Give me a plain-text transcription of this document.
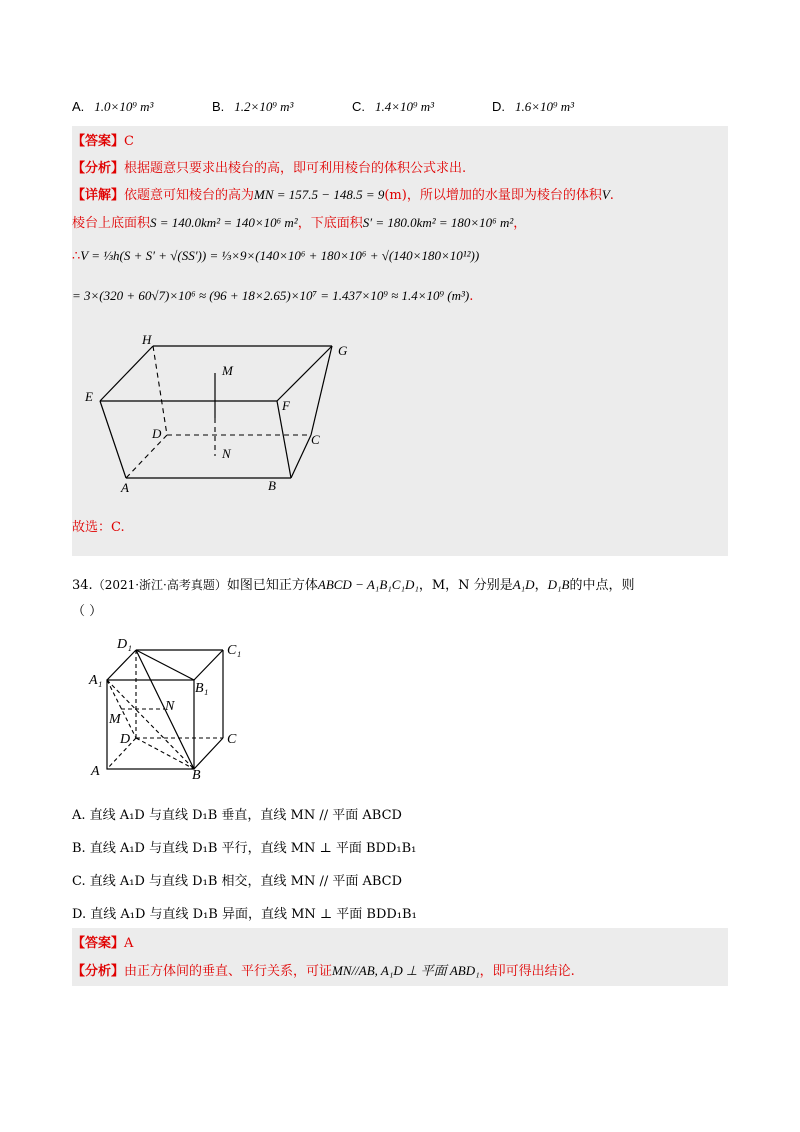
A. 1.0×10⁹ m³	B. 1.2×10⁹ m³	C. 1.4×10⁹ m³	D. 1.6×10⁹ m³
【答案】C
【分析】根据题意只要求出棱台的高，即可利用棱台的体积公式求出.
【详解】依题意可知棱台的高为MN = 157.5 − 148.5 = 9(m)，所以增加的水量即为棱台的体积V.
棱台上底面积S = 140.0km² = 140×10⁶ m²，下底面积S′ = 180.0km² = 180×10⁶ m²，
∴V = ⅓h(S + S′ + √(SS′)) = ⅓×9×(140×10⁶ + 180×10⁶ + √(140×180×10¹²))
= 3×(320 + 60√7)×10⁶ ≈ (96 + 18×2.65)×10⁷ = 1.437×10⁹ ≈ 1.4×10⁹ (m³).
H
G
M
E
F
D	C
N
A	B
故选：C.
34.（2021·浙江·高考真题）如图已知正方体ABCD − A₁B₁C₁D₁，M，N 分别是A₁D，D₁B的中点，则
（ ）
D₁	C₁
A₁
B₁
M
N
D	C
A	B
A. 直线 A₁D 与直线 D₁B 垂直，直线 MN // 平面 ABCD
B. 直线 A₁D 与直线 D₁B 平行，直线 MN ⊥ 平面 BDD₁B₁
C. 直线 A₁D 与直线 D₁B 相交，直线 MN // 平面 ABCD
D. 直线 A₁D 与直线 D₁B 异面，直线 MN ⊥ 平面 BDD₁B₁
【答案】A
【分析】由正方体间的垂直、平行关系，可证MN//AB, A₁D ⊥ 平面 ABD₁，即可得出结论.
